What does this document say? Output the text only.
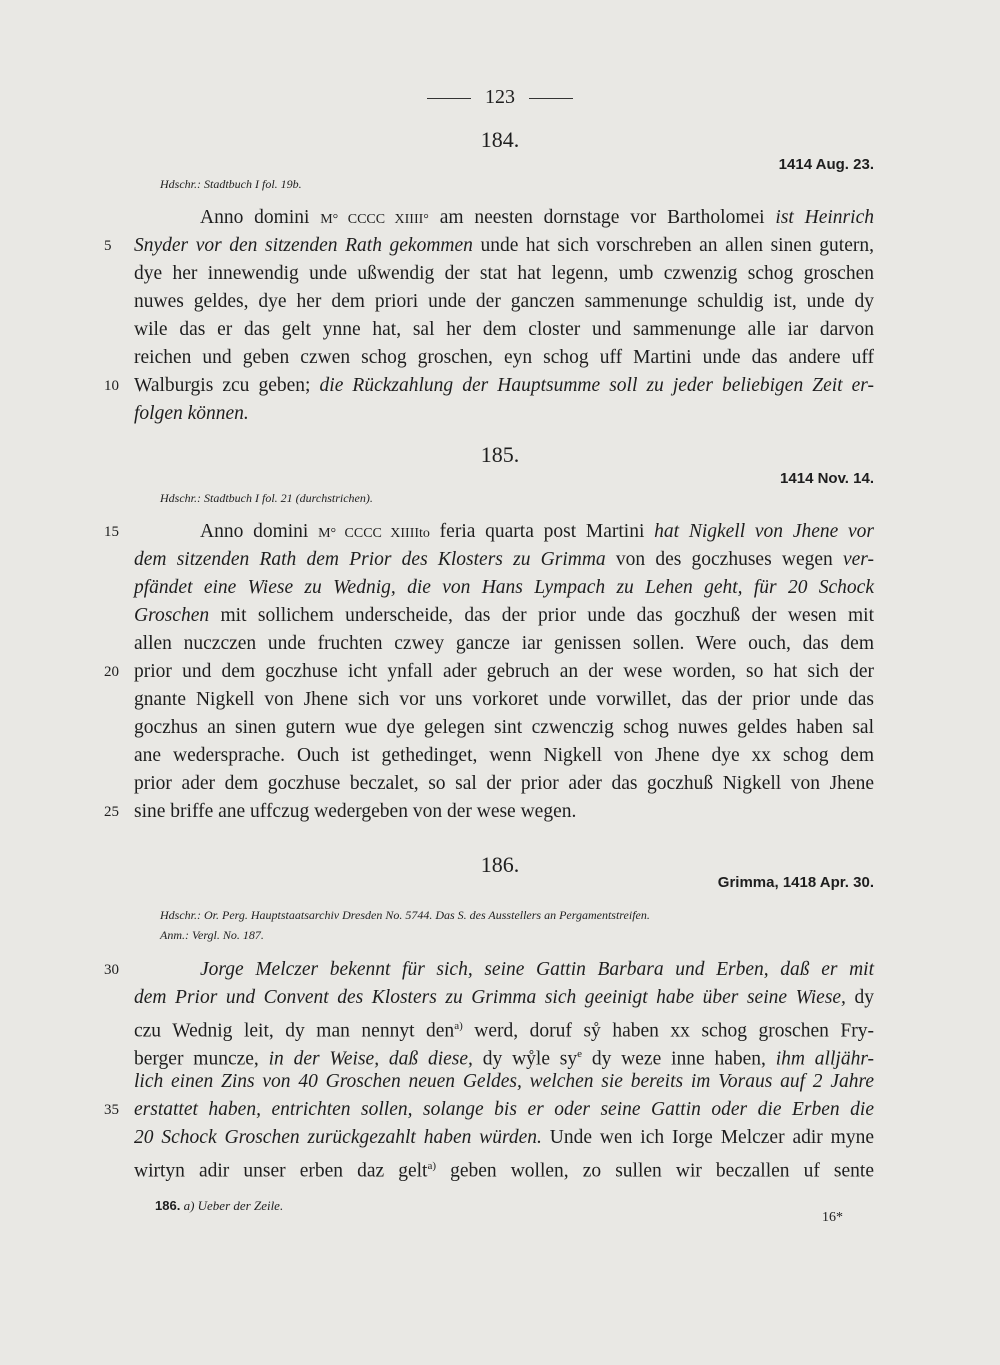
123
184.
1414 Aug. 23.
Hdschr.: Stadtbuch I fol. 19b.
Anno domini M° CCCC XIIII° am neesten dornstage vor Bartholomei ist Heinrich
Snyder vor den sitzenden Rath gekommen unde hat sich vorschreben an allen sinen gutern,
dye her innewendig unde ußwendig der stat hat legenn, umb czwenzig schog groschen
nuwes geldes, dye her dem priori unde der ganczen sammenunge schuldig ist, unde dy
wile das er das gelt ynne hat, sal her dem closter und sammenunge alle iar darvon
reichen und geben czwen schog groschen, eyn schog uff Martini unde das andere uff
Walburgis zcu geben; die Rückzahlung der Hauptsumme soll zu jeder beliebigen Zeit er-
folgen können.
185.
1414 Nov. 14.
Hdschr.: Stadtbuch I fol. 21 (durchstrichen).
Anno domini M° CCCC XIIIIto feria quarta post Martini hat Nigkell von Jhene vor
dem sitzenden Rath dem Prior des Klosters zu Grimma von des goczhuses wegen ver-
pfändet eine Wiese zu Wednig, die von Hans Lympach zu Lehen geht, für 20 Schock
Groschen mit sollichem underscheide, das der prior unde das goczhuß der wesen mit
allen nuczczen unde fruchten czwey gancze iar genissen sollen. Were ouch, das dem
prior und dem goczhuse icht ynfall ader gebruch an der wese worden, so hat sich der
gnante Nigkell von Jhene sich vor uns vorkoret unde vorwillet, das der prior unde das
goczhus an sinen gutern wue dye gelegen sint czwenczig schog nuwes geldes haben sal
ane wedersprache. Ouch ist gethedinget, wenn Nigkell von Jhene dye xx schog dem
prior ader dem goczhuse beczalet, so sal der prior ader das goczhuß Nigkell von Jhene
sine briffe ane uffczug wedergeben von der wese wegen.
186.
Grimma, 1418 Apr. 30.
Hdschr.: Or. Perg. Hauptstaatsarchiv Dresden No. 5744. Das S. des Ausstellers an Pergamentstreifen.
Anm.: Vergl. No. 187.
Jorge Melczer bekennt für sich, seine Gattin Barbara und Erben, daß er mit
dem Prior und Convent des Klosters zu Grimma sich geeinigt habe über seine Wiese, dy
czu Wednig leit, dy man nennyt den$^{a)}$ werd, doruf sẙ haben xx schog groschen Fry-
berger muncze, in der Weise, daß diese, dy wẙle $sy^e$ dy weze inne haben, ihm alljähr-
lich einen Zins von 40 Groschen neuen Geldes, welchen sie bereits im Voraus auf 2 Jahre
erstattet haben, entrichten sollen, solange bis er oder seine Gattin oder die Erben die
20 Schock Groschen zurückgezahlt haben würden. Unde wen ich Iorge Melczer adir myne
wirtyn adir unser erben daz gelt$^{a)}$ geben wollen, zo sullen wir beczallen uf sente
5
10
15
20
25
30
35
186. a) Ueber der Zeile.
16*
